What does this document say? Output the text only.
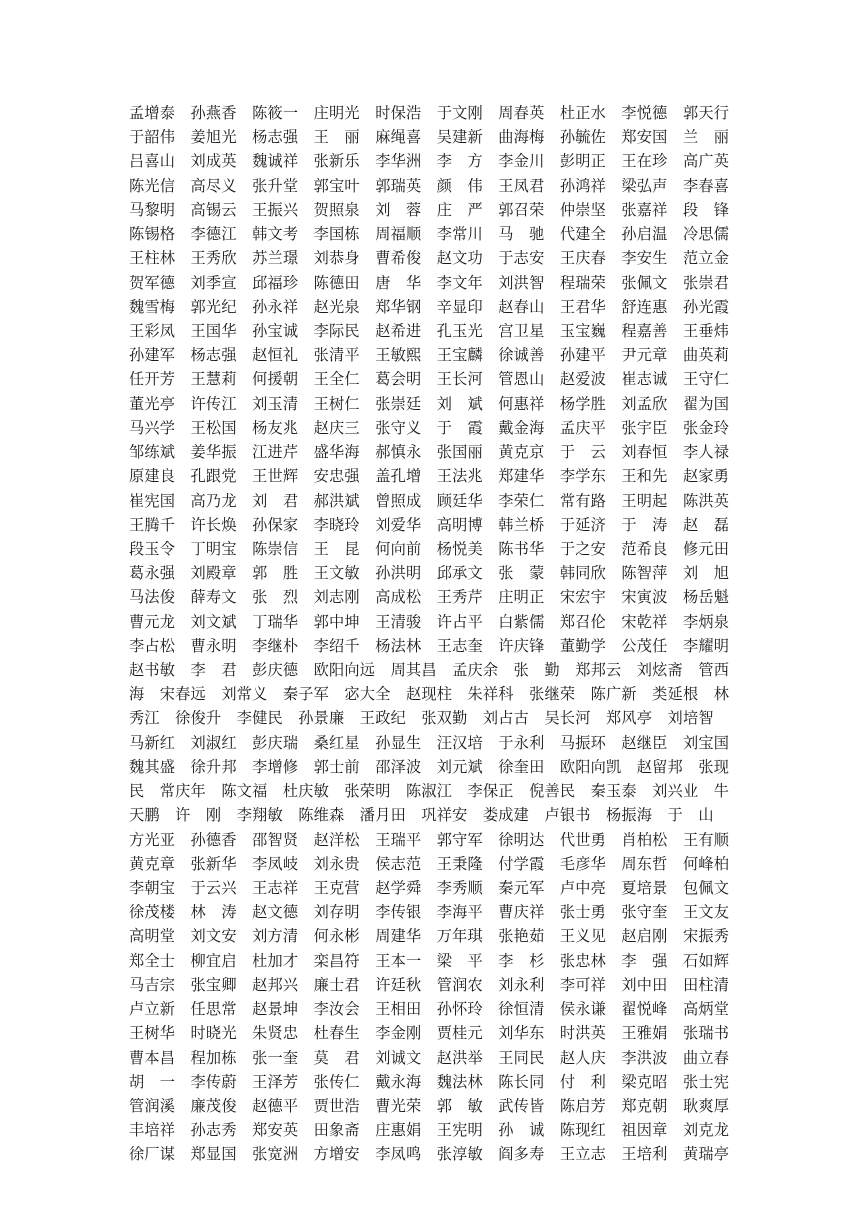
孟增泰　孙燕香　陈筱一　庄明光　时保浩　于文刚　周春英　杜正水　李悦德　郭天行
于韶伟　姜旭光　杨志强　王　丽　麻绳喜　吴建新　曲海梅　孙毓佐　郑安国　兰　丽
吕喜山　刘成英　魏诚祥　张新乐　李华洲　李　方　李金川　彭明正　王在珍　高广英
陈光信　高尽义　张升堂　郭宝叶　郭瑞英　颜　伟　王凤君　孙鸿祥　梁弘声　李春喜
马黎明　高锡云　王振兴　贺照泉　刘　蓉　庄　严　郭召荣　仲崇坚　张嘉祥　段　锋
陈锡格　李德江　韩文考　李国栋　周福顺　李常川　马　驰　代建全　孙启温　冷思儒
王柱林　王秀欣　苏兰璟　刘恭身　曹希俊　赵文功　于志安　王庆春　李安生　范立金
贺军德　刘季宣　邱福珍　陈德田　唐　华　李文年　刘洪智　程瑞荣　张佩文　张崇君
魏雪梅　郭光纪　孙永祥　赵光泉　郑华钢　辛显印　赵春山　王君华　舒连惠　孙光霞
王彩凤　王国华　孙宝诚　李际民　赵希进　孔玉光　宫卫星　玉宝巍　程嘉善　王垂炜
孙建军　杨志强　赵恒礼　张清平　王敏熙　王宝麟　徐诚善　孙建平　尹元章　曲英莉
任开芳　王慧莉　何援朝　王全仁　葛会明　王长河　管恩山　赵爱波　崔志诚　王守仁
董光亭　许传江　刘玉清　王树仁　张崇廷　刘　斌　何惠祥　杨学胜　刘孟欣　翟为国
马兴学　王松国　杨友兆　赵庆三　张守义　于　霞　戴金海　孟庆平　张宇臣　张金玲
邹练斌　姜华振　江进芹　盛华海　郝慎永　张国丽　黄克京　于　云　刘春恒　李人禄
原建良　孔跟党　王世辉　安忠强　盖孔增　王法兆　郑建华　李学东　王和先　赵家勇
崔宪国　高乃龙　刘　君　郝洪斌　曾照成　顾廷华　李荣仁　常有路　王明起　陈洪英
王腾千　许长焕　孙保家　李晓玲　刘爱华　高明博　韩兰桥　于延济　于　涛　赵　磊
段玉令　丁明宝　陈崇信　王　昆　何向前　杨悦美　陈书华　于之安　范希良　修元田
葛永强　刘殿章　郭　胜　王文敏　孙洪明　邱承文　张　蒙　韩同欣　陈智萍　刘　旭
马法俊　薛寿文　张　烈　刘志刚　高成松　王秀芹　庄明正　宋宏宇　宋寅波　杨岳魁
曹元龙　刘文斌　丁瑞华　郭中坤　王清骏　许占平　白紫儒　郑召伦　宋乾祥　李炳泉
李占松　曹永明　李继朴　李绍千　杨法林　王志奎　许庆锋　董勤学　公茂任　李耀明
赵书敏　李　君　彭庆德　欧阳向远　周其昌　孟庆余　张　勤　郑邦云　刘炫斋　管西
海　宋春远　刘常义　秦子军　宓大全　赵现柱　朱祥科　张继荣　陈广新　类延根　林
秀江　徐俊升　李健民　孙景廉　王政纪　张双勤　刘占古　吴长河　郑风亭　刘培智
马新红　刘淑红　彭庆瑞　桑红星　孙显生　汪汉培　于永利　马振环　赵继臣　刘宝国
魏其盛　徐升邦　李增修　郭士前　邵泽波　刘元斌　徐奎田　欧阳向凯　赵留邦　张现
民　常庆年　陈文福　杜庆敏　张荣明　陈淑江　李保正　倪善民　秦玉泰　刘兴业　牛
天鹏　许　刚　李翔敏　陈维森　潘月田　巩祥安　娄成建　卢银书　杨振海　于　山
方光亚　孙德香　邵智贤　赵洋松　王瑞平　郭守军　徐明达　代世勇　肖柏松　王有顺
黄克章　张新华　李凤岐　刘永贵　侯志范　王秉隆　付学霞　毛彦华　周东哲　何峰柏
李朝宝　于云兴　王志祥　王克营　赵学舜　李秀顺　秦元军　卢中亮　夏培景　包佩文
徐茂楼　林　涛　赵文德　刘存明　李传银　李海平　曹庆祥　张士勇　张守奎　王文友
高明堂　刘文安　刘方清　何永彬　周建华　万年琪　张艳茹　王义见　赵启刚　宋振秀
郑全士　柳宜启　杜加才　栾昌符　王本一　梁　平　李　杉　张忠林　李　强　石如辉
马吉宗　张宝卿　赵邦兴　廉士君　许廷秋　管润农　刘永利　李可祥　刘中田　田柱清
卢立新　任思常　赵景坤　李汝会　王相田　孙怀玲　徐恒清　侯永谦　翟悦峰　高炳堂
王树华　时晓光　朱贤忠　杜春生　李金刚　贾桂元　刘华东　时洪英　王雅娟　张瑞书
曹本昌　程加栋　张一奎　莫　君　刘诚文　赵洪举　王同民　赵人庆　李洪波　曲立春
胡　一　李传蔚　王泽芳　张传仁　戴永海　魏法林　陈长同　付　利　梁克昭　张士宪
管润溪　廉茂俊　赵德平　贾世浩　曹光荣　郭　敏　武传皆　陈启芳　郑克朝　耿爽厚
丰培祥　孙志秀　郑安英　田象斋　庄惠娟　王宪明　孙　诚　陈现红　祖因章　刘克龙
徐厂谋　郑显国　张宽洲　方增安　李凤鸣　张淳敏　阎多寿　王立志　王培利　黄瑞亭
